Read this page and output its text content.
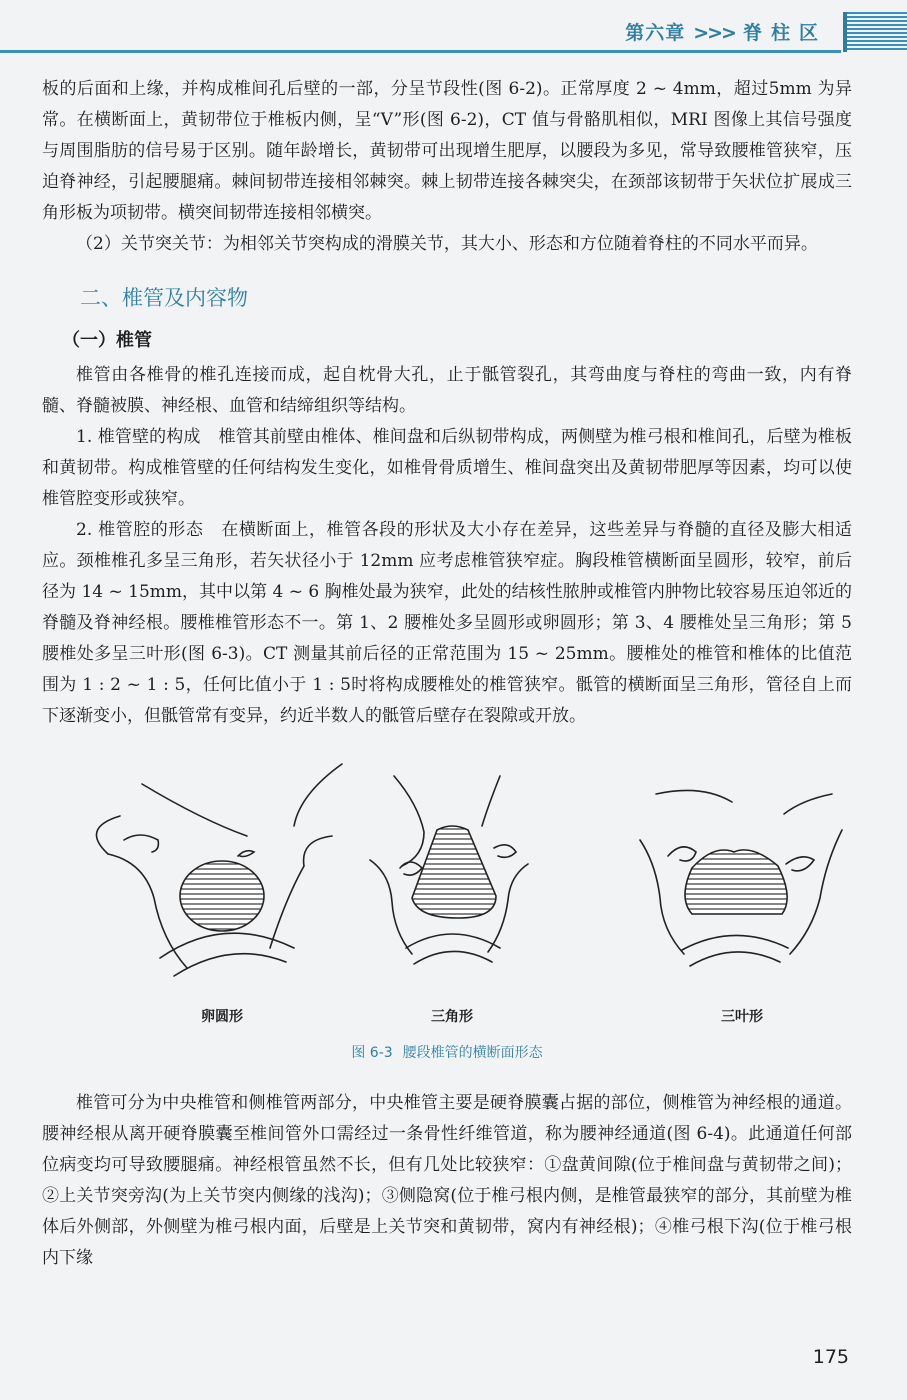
第六章 >>> 脊柱区

板的后面和上缘，并构成椎间孔后壁的一部，分呈节段性(图 6-2)。正常厚度 2 ~ 4mm，超过5mm 为异常。在横断面上，黄韧带位于椎板内侧，呈“V”形(图 6-2)，CT 值与骨骼肌相似，MRI 图像上其信号强度与周围脂肪的信号易于区别。随年龄增长，黄韧带可出现增生肥厚，以腰段为多见，常导致腰椎管狭窄，压迫脊神经，引起腰腿痛。棘间韧带连接相邻棘突。棘上韧带连接各棘突尖，在颈部该韧带于矢状位扩展成三角形板为项韧带。横突间韧带连接相邻横突。

（2）关节突关节：为相邻关节突构成的滑膜关节，其大小、形态和方位随着脊柱的不同水平而异。

二、椎管及内容物
（一）椎管

椎管由各椎骨的椎孔连接而成，起自枕骨大孔，止于骶管裂孔，其弯曲度与脊柱的弯曲一致，内有脊髓、脊髓被膜、神经根、血管和结缔组织等结构。

1. 椎管壁的构成 椎管其前壁由椎体、椎间盘和后纵韧带构成，两侧壁为椎弓根和椎间孔，后壁为椎板和黄韧带。构成椎管壁的任何结构发生变化，如椎骨骨质增生、椎间盘突出及黄韧带肥厚等因素，均可以使椎管腔变形或狭窄。

2. 椎管腔的形态 在横断面上，椎管各段的形状及大小存在差异，这些差异与脊髓的直径及膨大相适应。颈椎椎孔多呈三角形，若矢状径小于 12mm 应考虑椎管狭窄症。胸段椎管横断面呈圆形，较窄，前后径为 14 ~ 15mm，其中以第 4 ~ 6 胸椎处最为狭窄，此处的结核性脓肿或椎管内肿物比较容易压迫邻近的脊髓及脊神经根。腰椎椎管形态不一。第 1、2 腰椎处多呈圆形或卵圆形；第 3、4 腰椎处呈三角形；第 5 腰椎处多呈三叶形(图 6-3)。CT 测量其前后径的正常范围为 15 ~ 25mm。腰椎处的椎管和椎体的比值范围为 1 : 2 ~ 1 : 5，任何比值小于 1 : 5时将构成腰椎处的椎管狭窄。骶管的横断面呈三角形，管径自上而下逐渐变小，但骶管常有变异，约近半数人的骶管后壁存在裂隙或开放。

卵圆形	三角形	三叶形
图 6-3 腰段椎管的横断面形态

椎管可分为中央椎管和侧椎管两部分，中央椎管主要是硬脊膜囊占据的部位，侧椎管为神经根的通道。腰神经根从离开硬脊膜囊至椎间管外口需经过一条骨性纤维管道，称为腰神经通道(图 6-4)。此通道任何部位病变均可导致腰腿痛。神经根管虽然不长，但有几处比较狭窄：①盘黄间隙(位于椎间盘与黄韧带之间)；②上关节突旁沟(为上关节突内侧缘的浅沟)；③侧隐窝(位于椎弓根内侧，是椎管最狭窄的部分，其前壁为椎体后外侧部，外侧壁为椎弓根内面，后壁是上关节突和黄韧带，窝内有神经根)；④椎弓根下沟(位于椎弓根内下缘

175
